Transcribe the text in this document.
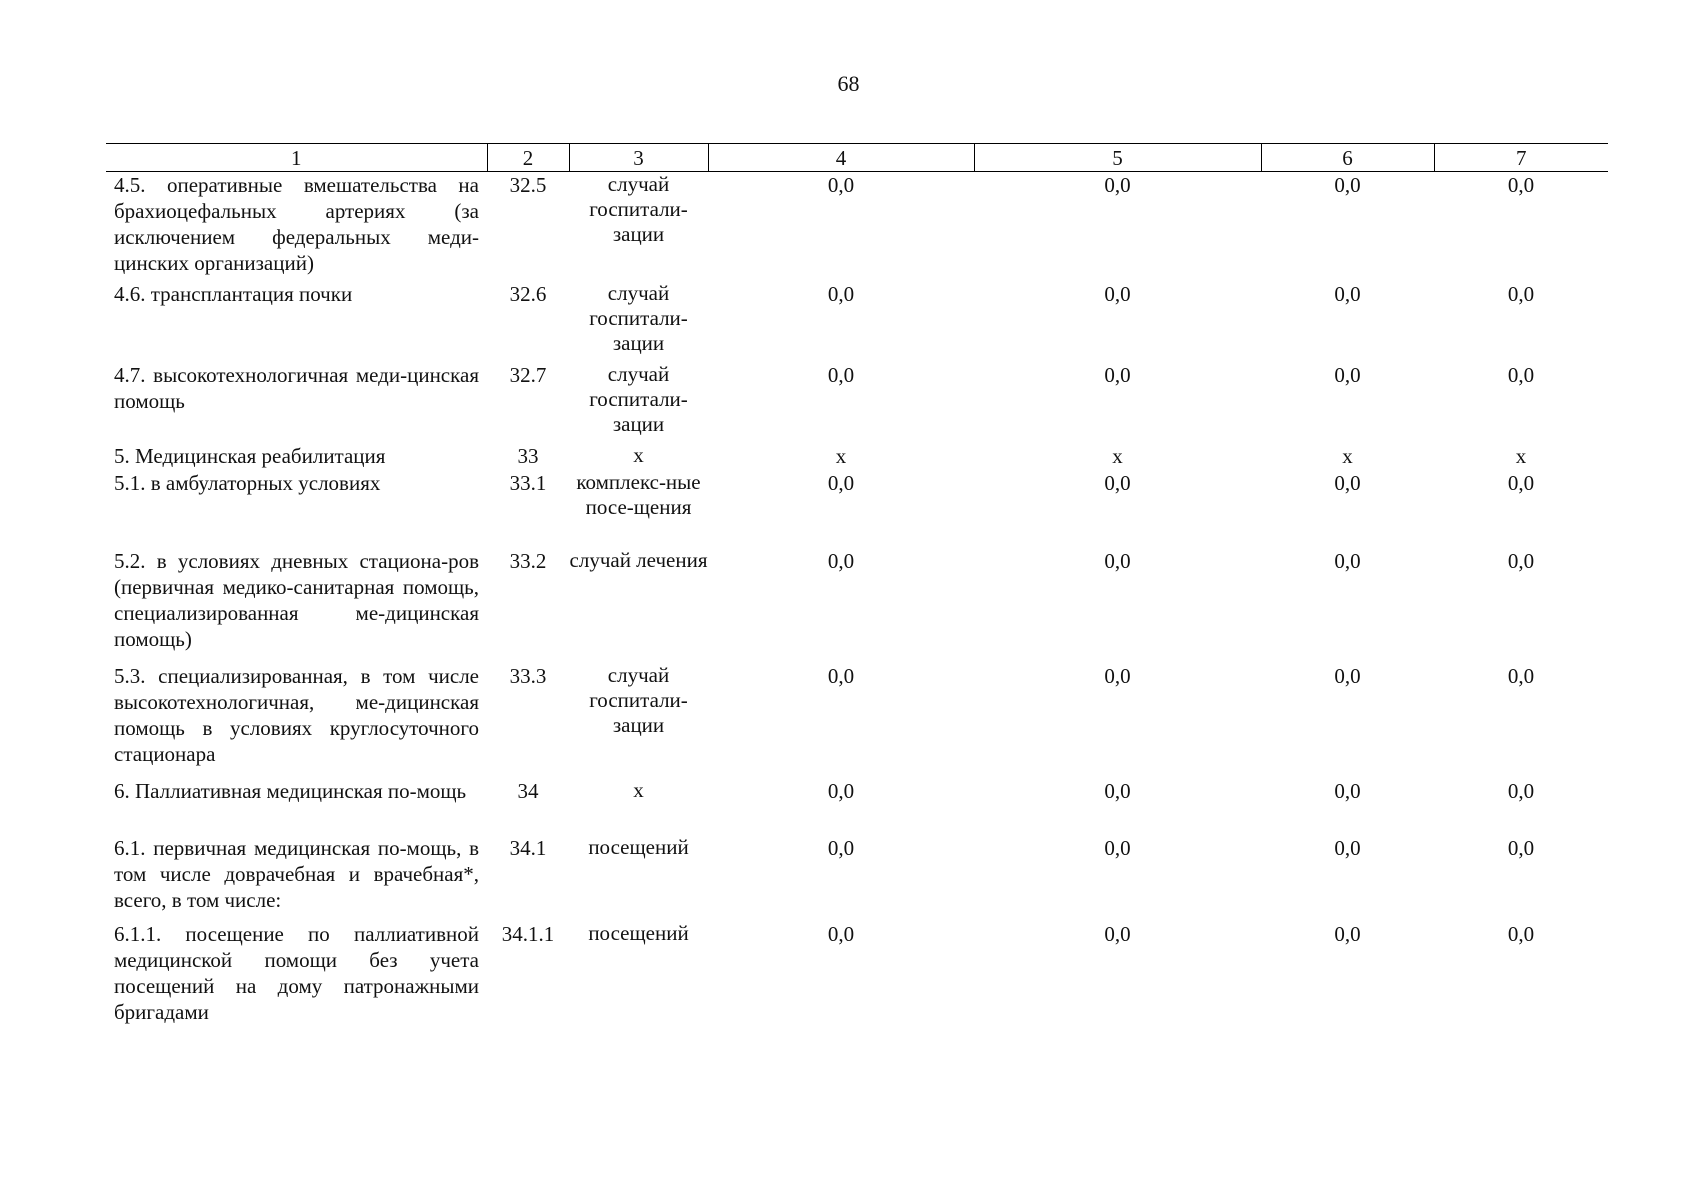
68
1	2	3	4	5	6	7
4.5. оперативные вмешательства на брахиоцефальных артериях (за исключением федеральных меди-цинских организаций)	32.5	случай госпитали-зации	0,0	0,0	0,0	0,0
4.6. трансплантация почки	32.6	случай госпитали-зации	0,0	0,0	0,0	0,0
4.7. высокотехнологичная меди-цинская помощь	32.7	случай госпитали-зации	0,0	0,0	0,0	0,0
5. Медицинская реабилитация	33	х	х	х	х	х
5.1. в амбулаторных условиях	33.1	комплекс-ные посе-щения	0,0	0,0	0,0	0,0
5.2. в условиях дневных стациона-ров (первичная медико-санитарная помощь, специализированная ме-дицинская помощь)	33.2	случай лечения	0,0	0,0	0,0	0,0
5.3. специализированная, в том числе высокотехнологичная, ме-дицинская помощь в условиях круглосуточного стационара	33.3	случай госпитали-зации	0,0	0,0	0,0	0,0
6. Паллиативная медицинская по-мощь	34	х	0,0	0,0	0,0	0,0
6.1. первичная медицинская по-мощь, в том числе доврачебная и врачебная*, всего, в том числе:	34.1	посещений	0,0	0,0	0,0	0,0
6.1.1. посещение по паллиативной медицинской помощи без учета посещений на дому патронажными бригадами	34.1.1	посещений	0,0	0,0	0,0	0,0
